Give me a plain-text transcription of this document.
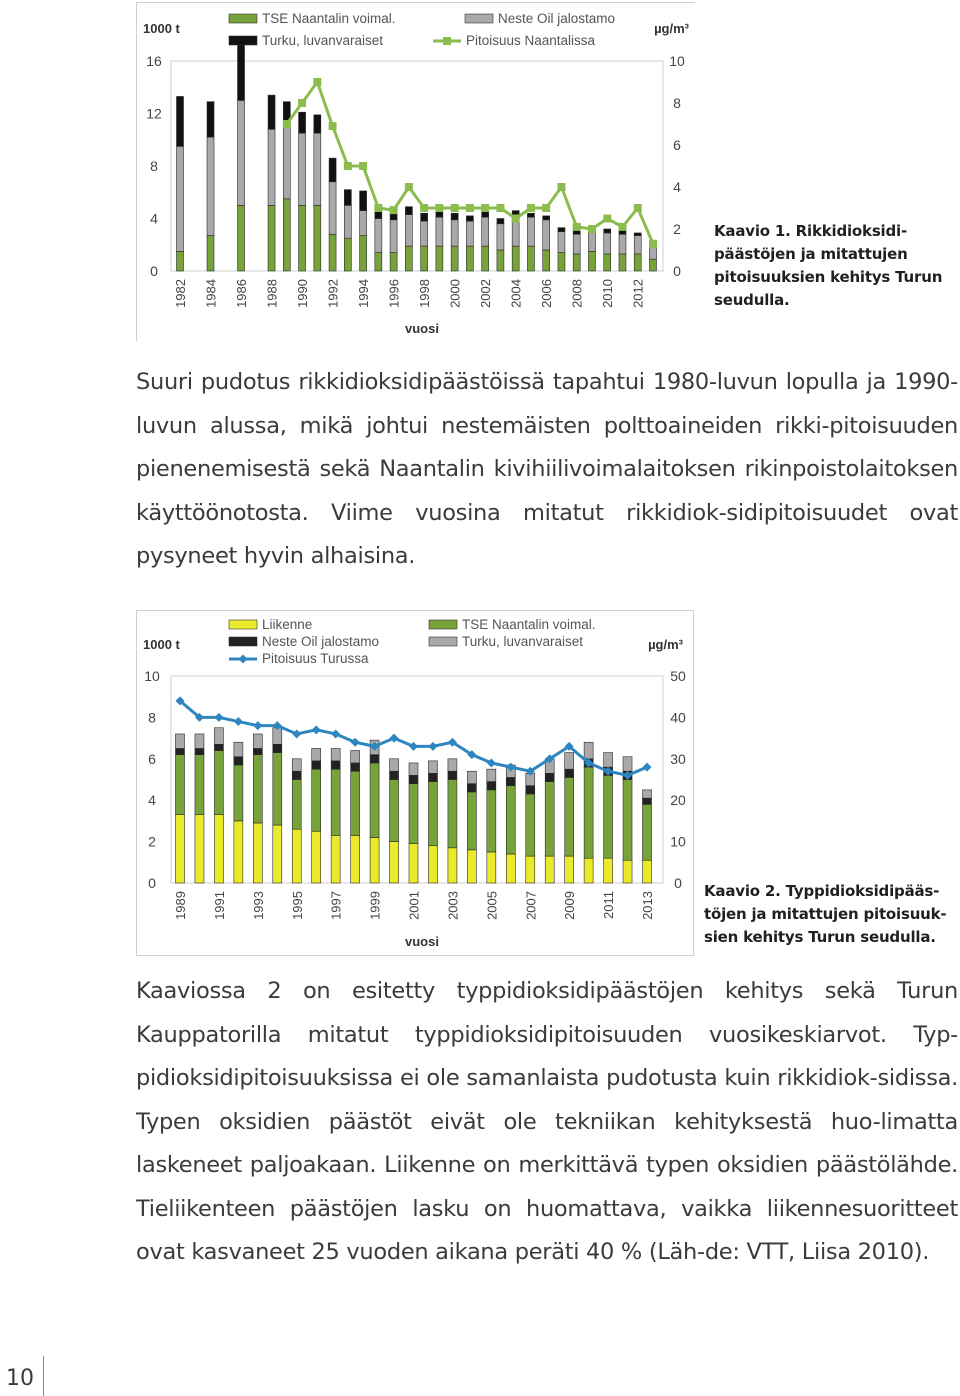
1000 t	µg/m³
0
4
8
12
16
0
2
4
6
8
10
1982 1984 1986 1988 1990 1992 1994 1996 1998 2000 2002 2004 2006 2008 2010 2012
vuosi
TSE Naantalin voimal.	Neste Oil jalostamo
Turku, luvanvaraiset	Pitoisuus Naantalissa
Kaavio 1. Rikkidioksidi-päästöjen ja mitattujen pitoisuuksien kehitys Turun seudulla.
Suuri pudotus rikkidioksidipäästöissä tapahtui 1980-luvun lopulla ja 1990-luvun alussa, mikä johtui nestemäisten polttoaineiden rikki-pitoisuuden pienenemisestä sekä Naantalin kivihiilivoimalaitoksen rikinpoistolaitoksen käyttöönotosta. Viime vuosina mitatut rikkidiok-sidipitoisuudet ovat pysyneet hyvin alhaisina.
1000 t	µg/m³
0
2
4
6
8
10
0
10
20
30
40
50
1989 1991 1993 1995 1997 1999 2001 2003 2005 2007 2009 2011 2013
vuosi
Liikenne	TSE Naantalin voimal.
Neste Oil jalostamo	Turku, luvanvaraiset
Pitoisuus Turussa
Kaavio 2. Typpidioksidipääs-töjen ja mitattujen pitoisuuk-sien kehitys Turun seudulla.
Kaaviossa 2 on esitetty typpidioksidipäästöjen kehitys sekä Turun Kauppatorilla mitatut typpidioksidipitoisuuden vuosikeskiarvot. Typ-pidioksidipitoisuuksissa ei ole samanlaista pudotusta kuin rikkidiok-sidissa. Typen oksidien päästöt eivät ole tekniikan kehityksestä huo-limatta laskeneet paljoakaan. Liikenne on merkittävä typen oksidien päästölähde. Tieliikenteen päästöjen lasku on huomattava, vaikka liikennesuoritteet ovat kasvaneet 25 vuoden aikana peräti 40 % (Läh-de: VTT, Liisa 2010).
10
